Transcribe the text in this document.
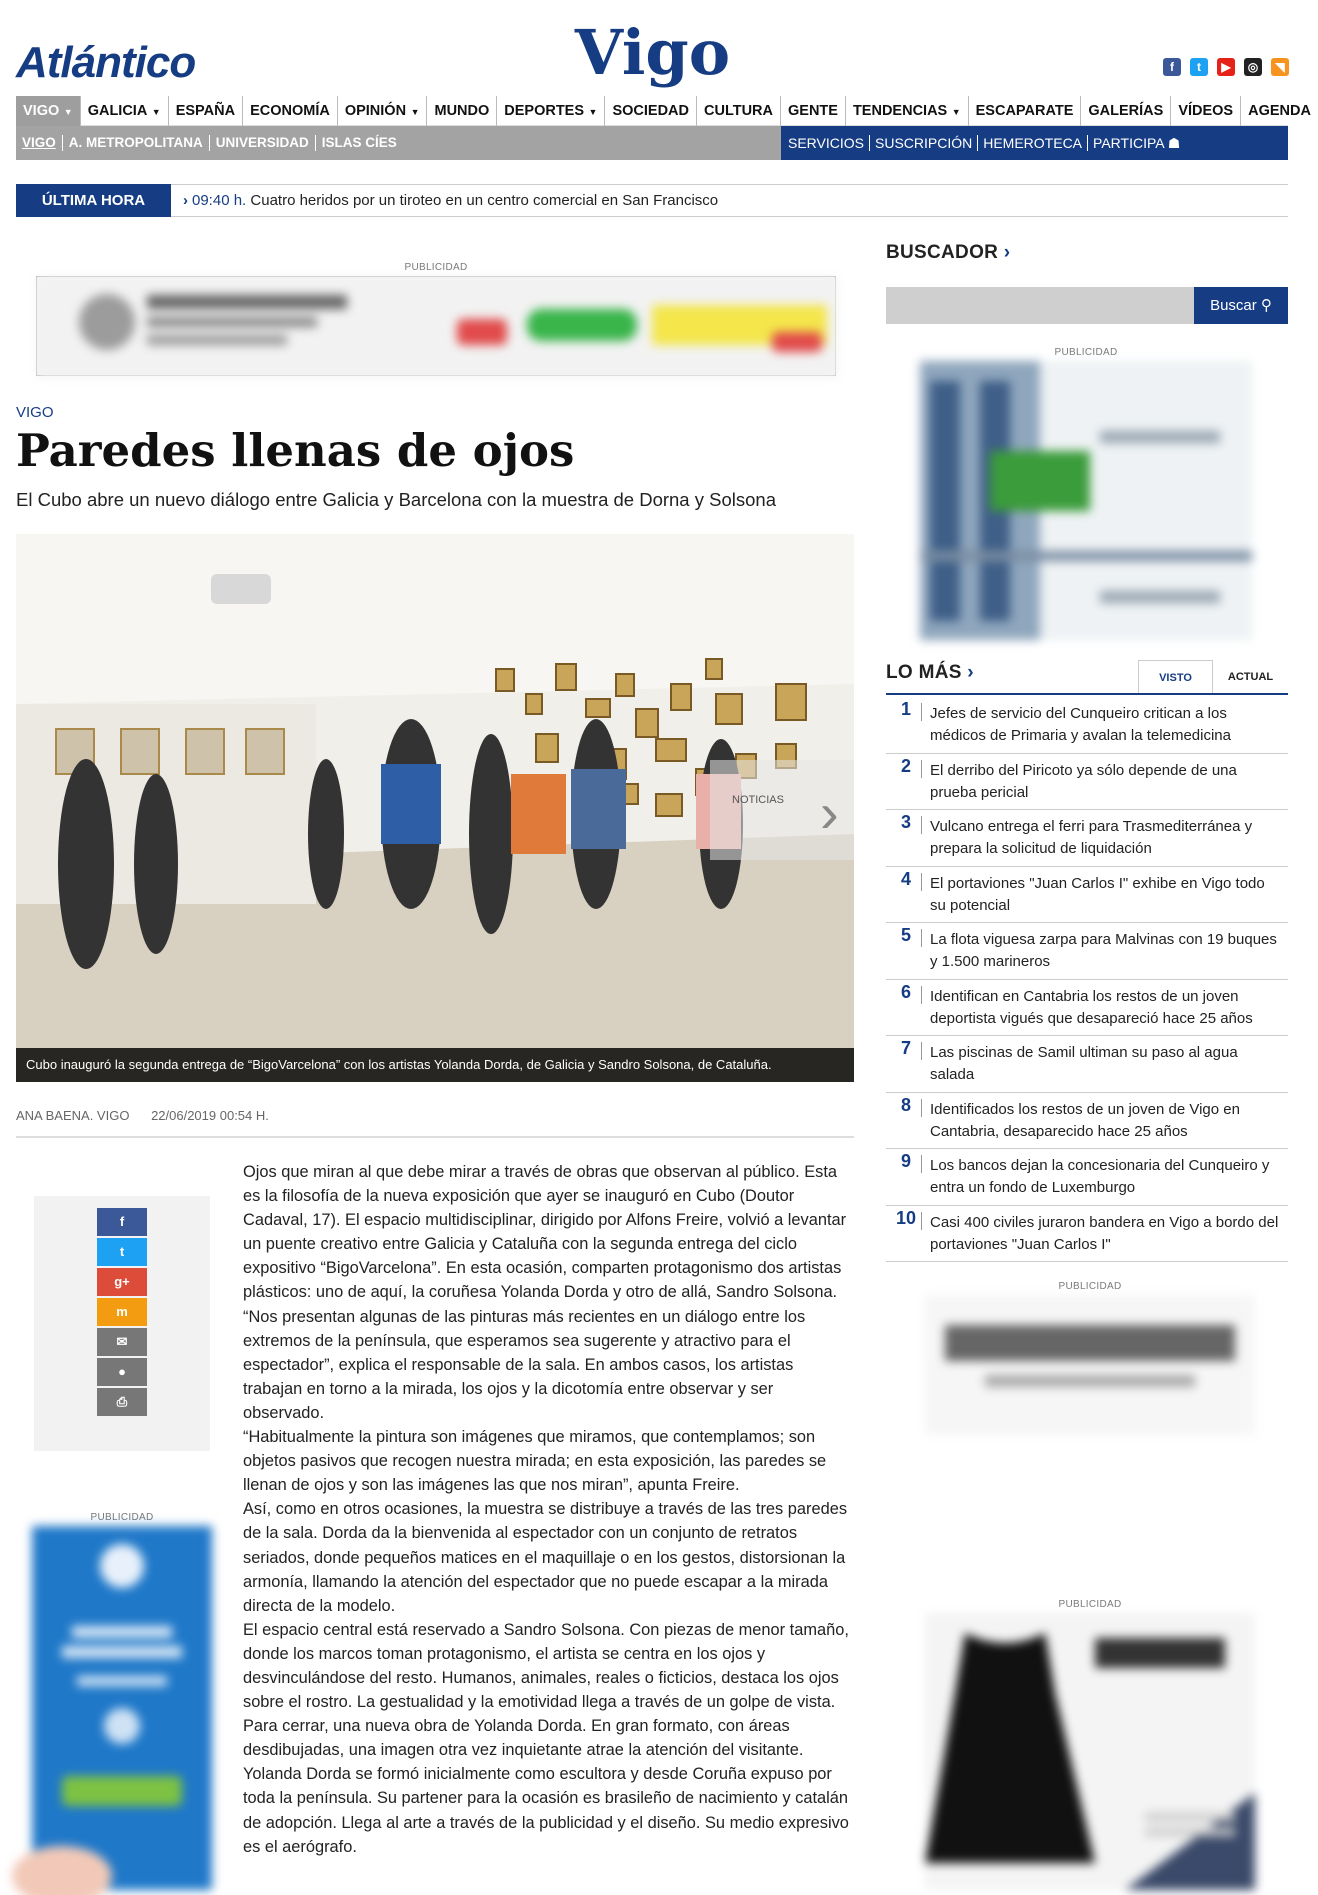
Atlántico	Vigo	f	t	▶	◎	◥
VIGO ▼	GALICIA ▼	ESPAÑA	ECONOMÍA	OPINIÓN ▼	MUNDO	DEPORTES ▼	SOCIEDAD	CULTURA	GENTE	TENDENCIAS ▼	ESCAPARATE	GALERÍAS	VÍDEOS	AGENDA
VIGO A. METROPOLITANA UNIVERSIDAD ISLAS CÍES	SERVICIOS SUSCRIPCIÓN HEMEROTECA PARTICIPA ☗
ÚLTIMA HORA	› 09:40 h. Cuatro heridos por un tiroteo en un centro comercial en San Francisco
PUBLICIDAD
VIGO
Paredes llenas de ojos
El Cubo abre un nuevo diálogo entre Galicia y Barcelona con la muestra de Dorna y Solsona
NOTICIAS ›
Cubo inauguró la segunda entrega de “BigoVarcelona” con los artistas Yolanda Dorda, de Galicia y Sandro Solsona, de Cataluña.
ANA BAENA. VIGO 22/06/2019 00:54 H.
f
t
g+
m
✉
●
⎙
PUBLICIDAD

Ojos que miran al que debe mirar a través de obras que observan al público. Esta es la filosofía de la nueva exposición que ayer se inauguró en Cubo (Doutor Cadaval, 17). El espacio multidisciplinar, dirigido por Alfons Freire, volvió a levantar un puente creativo entre Galicia y Cataluña con la segunda entrega del ciclo expositivo “BigoVarcelona”. En esta ocasión, comparten protagonismo dos artistas plásticos: uno de aquí, la coruñesa Yolanda Dorda y otro de allá, Sandro Solsona. “Nos presentan algunas de las pinturas más recientes en un diálogo entre los extremos de la península, que esperamos sea sugerente y atractivo para el espectador”, explica el responsable de la sala. En ambos casos, los artistas trabajan en torno a la mirada, los ojos y la dicotomía entre observar y ser observado.

“Habitualmente la pintura son imágenes que miramos, que contemplamos; son objetos pasivos que recogen nuestra mirada; en esta exposición, las paredes se llenan de ojos y son las imágenes las que nos miran”, apunta Freire.

Así, como en otros ocasiones, la muestra se distribuye a través de las tres paredes de la sala. Dorda da la bienvenida al espectador con un conjunto de retratos seriados, donde pequeños matices en el maquillaje o en los gestos, distorsionan la armonía, llamando la atención del espectador que no puede escapar a la mirada directa de la modelo.

El espacio central está reservado a Sandro Solsona. Con piezas de menor tamaño, donde los marcos toman protagonismo, el artista se centra en los ojos y desvinculándose del resto. Humanos, animales, reales o ficticios, destaca los ojos sobre el rostro. La gestualidad y la emotividad llega a través de un golpe de vista. Para cerrar, una nueva obra de Yolanda Dorda. En gran formato, con áreas desdibujadas, una imagen otra vez inquietante atrae la atención del visitante. Yolanda Dorda se formó inicialmente como escultora y desde Coruña expuso por toda la península. Su partener para la ocasión es brasileño de nacimiento y catalán de adopción. Llega al arte a través de la publicidad y el diseño. Su medio expresivo es el aerógrafo.

BUSCADOR ›
Buscar ⚲
PUBLICIDAD
LO MÁS ›	VISTO	ACTUAL
1	Jefes de servicio del Cunqueiro critican a los médicos de Primaria y avalan la telemedicina
2	El derribo del Piricoto ya sólo depende de una prueba pericial
3	Vulcano entrega el ferri para Trasmediterránea y prepara la solicitud de liquidación
4	El portaviones "Juan Carlos I" exhibe en Vigo todo su potencial
5	La flota viguesa zarpa para Malvinas con 19 buques y 1.500 marineros
6	Identifican en Cantabria los restos de un joven deportista vigués que desapareció hace 25 años
7	Las piscinas de Samil ultiman su paso al agua salada
8	Identificados los restos de un joven de Vigo en Cantabria, desaparecido hace 25 años
9	Los bancos dejan la concesionaria del Cunqueiro y entra un fondo de Luxemburgo
10 Casi 400 civiles juraron bandera en Vigo a bordo del portaviones "Juan Carlos I"
PUBLICIDAD
PUBLICIDAD
